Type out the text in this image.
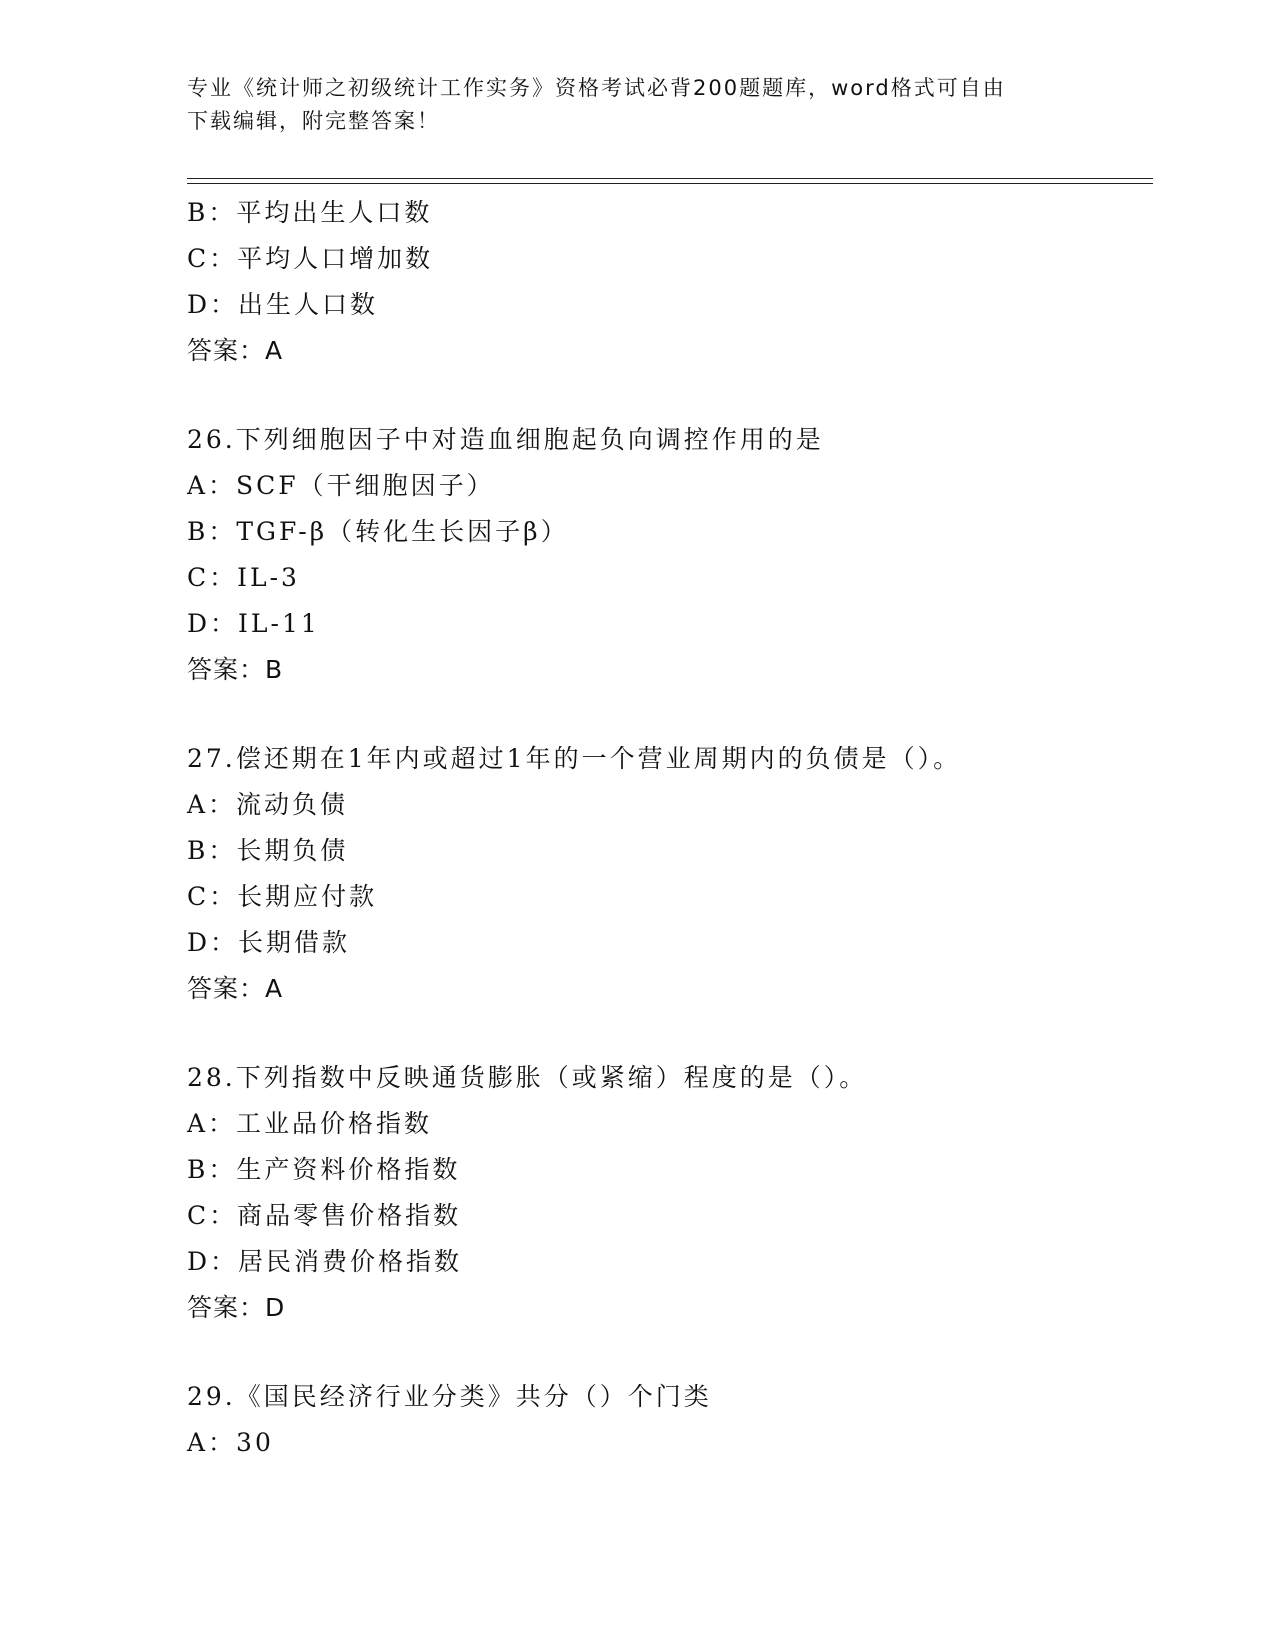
专业《统计师之初级统计工作实务》资格考试必背200题题库，word格式可自由
下载编辑，附完整答案！
B：平均出生人口数
C：平均人口增加数
D：出生人口数
答案：A
26.下列细胞因子中对造血细胞起负向调控作用的是
A：SCF（干细胞因子）
B：TGF-β（转化生长因子β）
C：IL-3
D：IL-11
答案：B
27.偿还期在1年内或超过1年的一个营业周期内的负债是（）。
A：流动负债
B：长期负债
C：长期应付款
D：长期借款
答案：A
28.下列指数中反映通货膨胀（或紧缩）程度的是（）。
A：工业品价格指数
B：生产资料价格指数
C：商品零售价格指数
D：居民消费价格指数
答案：D
29.《国民经济行业分类》共分（）个门类
A：30
